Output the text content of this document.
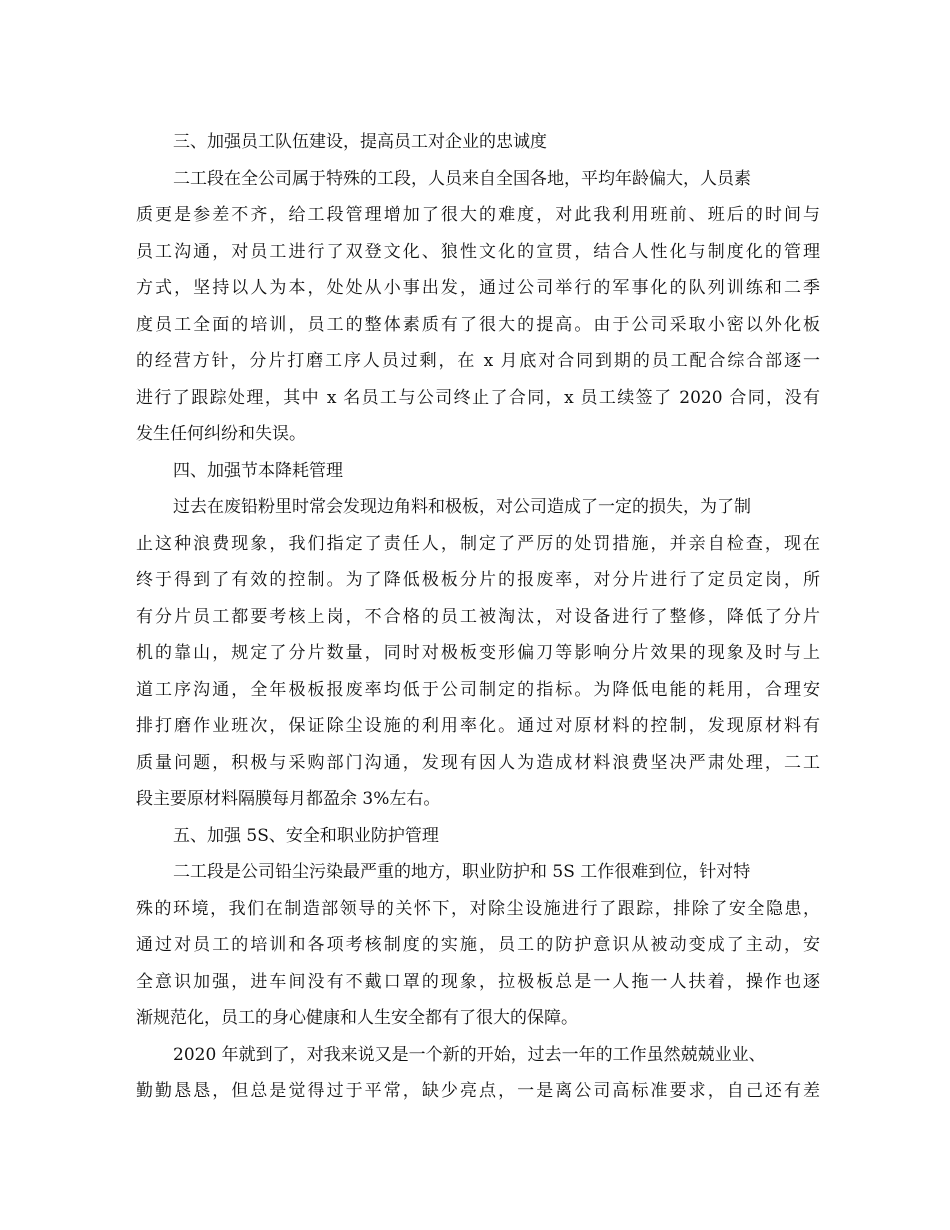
三、加强员工队伍建设，提高员工对企业的忠诚度
二工段在全公司属于特殊的工段，人员来自全国各地，平均年龄偏大，人员素
质更是参差不齐，给工段管理增加了很大的难度，对此我利用班前、班后的时间与
员工沟通，对员工进行了双登文化、狼性文化的宣贯，结合人性化与制度化的管理
方式，坚持以人为本，处处从小事出发，通过公司举行的军事化的队列训练和二季
度员工全面的培训，员工的整体素质有了很大的提高。由于公司采取小密以外化板
的经营方针，分片打磨工序人员过剩，在 x 月底对合同到期的员工配合综合部逐一
进行了跟踪处理，其中 x 名员工与公司终止了合同，x 员工续签了 2020 合同，没有
发生任何纠纷和失误。
四、加强节本降耗管理
过去在废铅粉里时常会发现边角料和极板，对公司造成了一定的损失，为了制
止这种浪费现象，我们指定了责任人，制定了严厉的处罚措施，并亲自检查，现在
终于得到了有效的控制。为了降低极板分片的报废率，对分片进行了定员定岗，所
有分片员工都要考核上岗，不合格的员工被淘汰，对设备进行了整修，降低了分片
机的靠山，规定了分片数量，同时对极板变形偏刀等影响分片效果的现象及时与上
道工序沟通，全年极板报废率均低于公司制定的指标。为降低电能的耗用，合理安
排打磨作业班次，保证除尘设施的利用率化。通过对原材料的控制，发现原材料有
质量问题，积极与采购部门沟通，发现有因人为造成材料浪费坚决严肃处理，二工
段主要原材料隔膜每月都盈余 3%左右。
五、加强 5S、安全和职业防护管理
二工段是公司铅尘污染最严重的地方，职业防护和 5S 工作很难到位，针对特
殊的环境，我们在制造部领导的关怀下，对除尘设施进行了跟踪，排除了安全隐患，
通过对员工的培训和各项考核制度的实施，员工的防护意识从被动变成了主动，安
全意识加强，进车间没有不戴口罩的现象，拉极板总是一人拖一人扶着，操作也逐
渐规范化，员工的身心健康和人生安全都有了很大的保障。
2020 年就到了，对我来说又是一个新的开始，过去一年的工作虽然兢兢业业、
勤勤恳恳，但总是觉得过于平常，缺少亮点，一是离公司高标准要求，自己还有差
